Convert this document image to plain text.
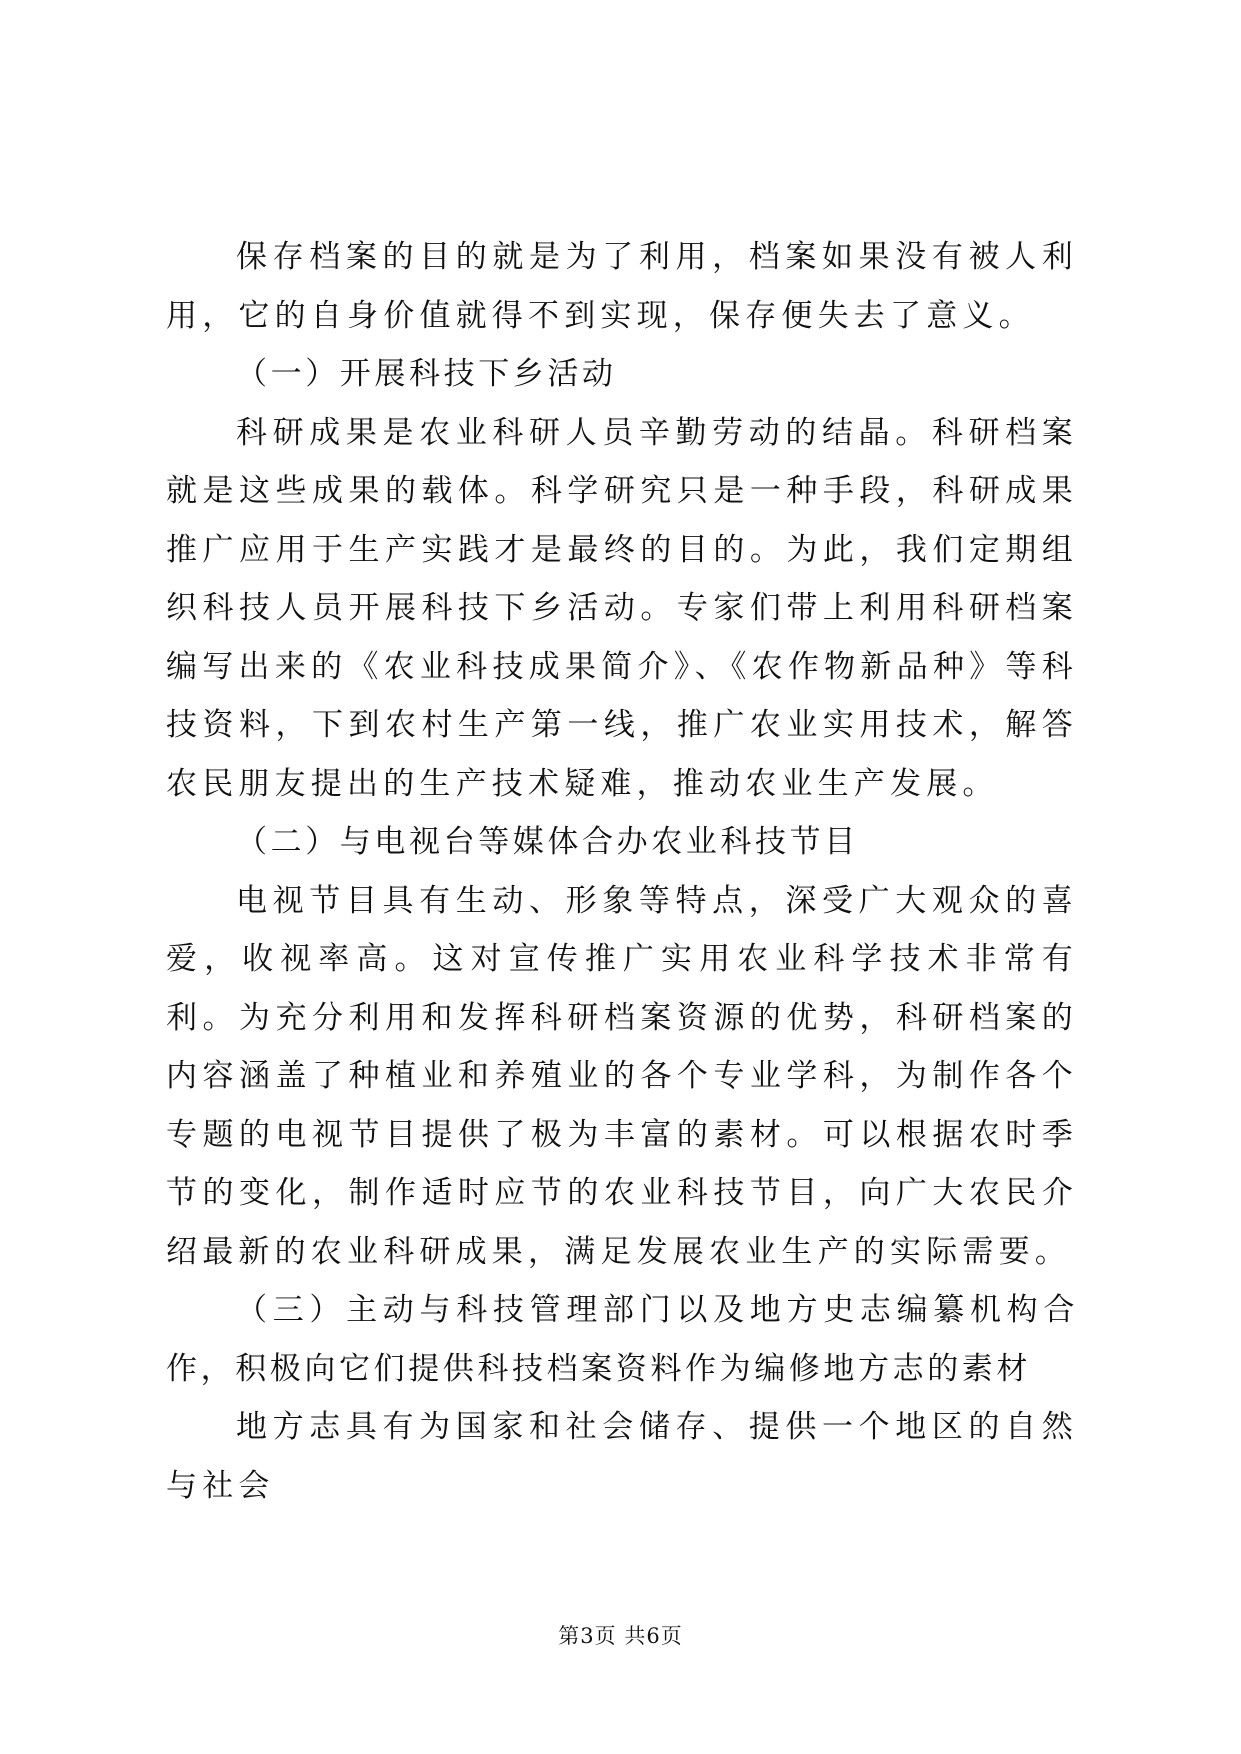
保存档案的目的就是为了利用，档案如果没有被人利用，它的自身价值就得不到实现，保存便失去了意义。

（一）开展科技下乡活动

科研成果是农业科研人员辛勤劳动的结晶。科研档案就是这些成果的载体。科学研究只是一种手段，科研成果推广应用于生产实践才是最终的目的。为此，我们定期组织科技人员开展科技下乡活动。专家们带上利用科研档案编写出来的《农业科技成果简介》、《农作物新品种》等科技资料，下到农村生产第一线，推广农业实用技术，解答农民朋友提出的生产技术疑难，推动农业生产发展。

（二）与电视台等媒体合办农业科技节目

电视节目具有生动、形象等特点，深受广大观众的喜爱，收视率高。这对宣传推广实用农业科学技术非常有利。为充分利用和发挥科研档案资源的优势，科研档案的内容涵盖了种植业和养殖业的各个专业学科，为制作各个专题的电视节目提供了极为丰富的素材。可以根据农时季节的变化，制作适时应节的农业科技节目，向广大农民介绍最新的农业科研成果，满足发展农业生产的实际需要。

（三）主动与科技管理部门以及地方史志编纂机构合作，积极向它们提供科技档案资料作为编修地方志的素材

地方志具有为国家和社会储存、提供一个地区的自然与社会

第3页 共6页
